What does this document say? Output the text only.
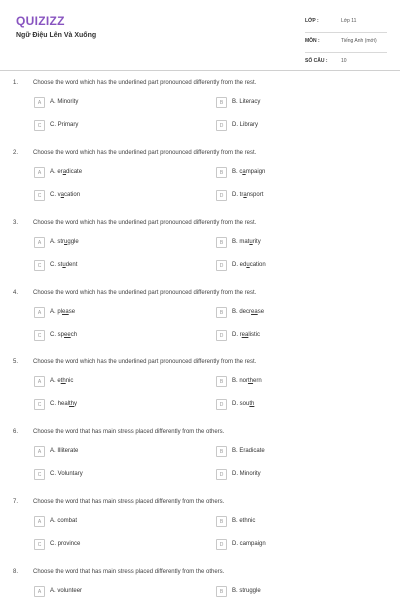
QUIZIZZ
Ngữ Điệu Lên Và Xuống
LỚP :	Lớp 11
MÔN :	Tiếng Anh (mới)
SỐ CÂU :	10
1. Choose the word which has the underlined part pronounced differently from the rest.
A	A. Minority	B	B. Literacy
C	C. Primary	D	D. Library
2. Choose the word which has the underlined part pronounced differently from the rest.
A	A. eradicate	B	B. campaign
C	C. vacation	D	D. transport
3. Choose the word which has the underlined part pronounced differently from the rest.
A	A. struggle	B	B. maturity
C	C. student	D	D. education
4. Choose the word which has the underlined part pronounced differently from the rest.
A	A. please	B	B. decrease
C	C. speech	D	D. realistic
5. Choose the word which has the underlined part pronounced differently from the rest.
A	A. ethnic	B	B. northern
C	C. healthy	D	D. south
6. Choose the word that has main stress placed differently from the others.
A	A. Illiterate	B	B. Eradicate
C	C. Voluntary	D	D. Minority
7. Choose the word that has main stress placed differently from the others.
A	A. combat	B	B. ethnic
C	C. province	D	D. campaign
8. Choose the word that has main stress placed differently from the others.
A	A. volunteer	B	B. struggle
